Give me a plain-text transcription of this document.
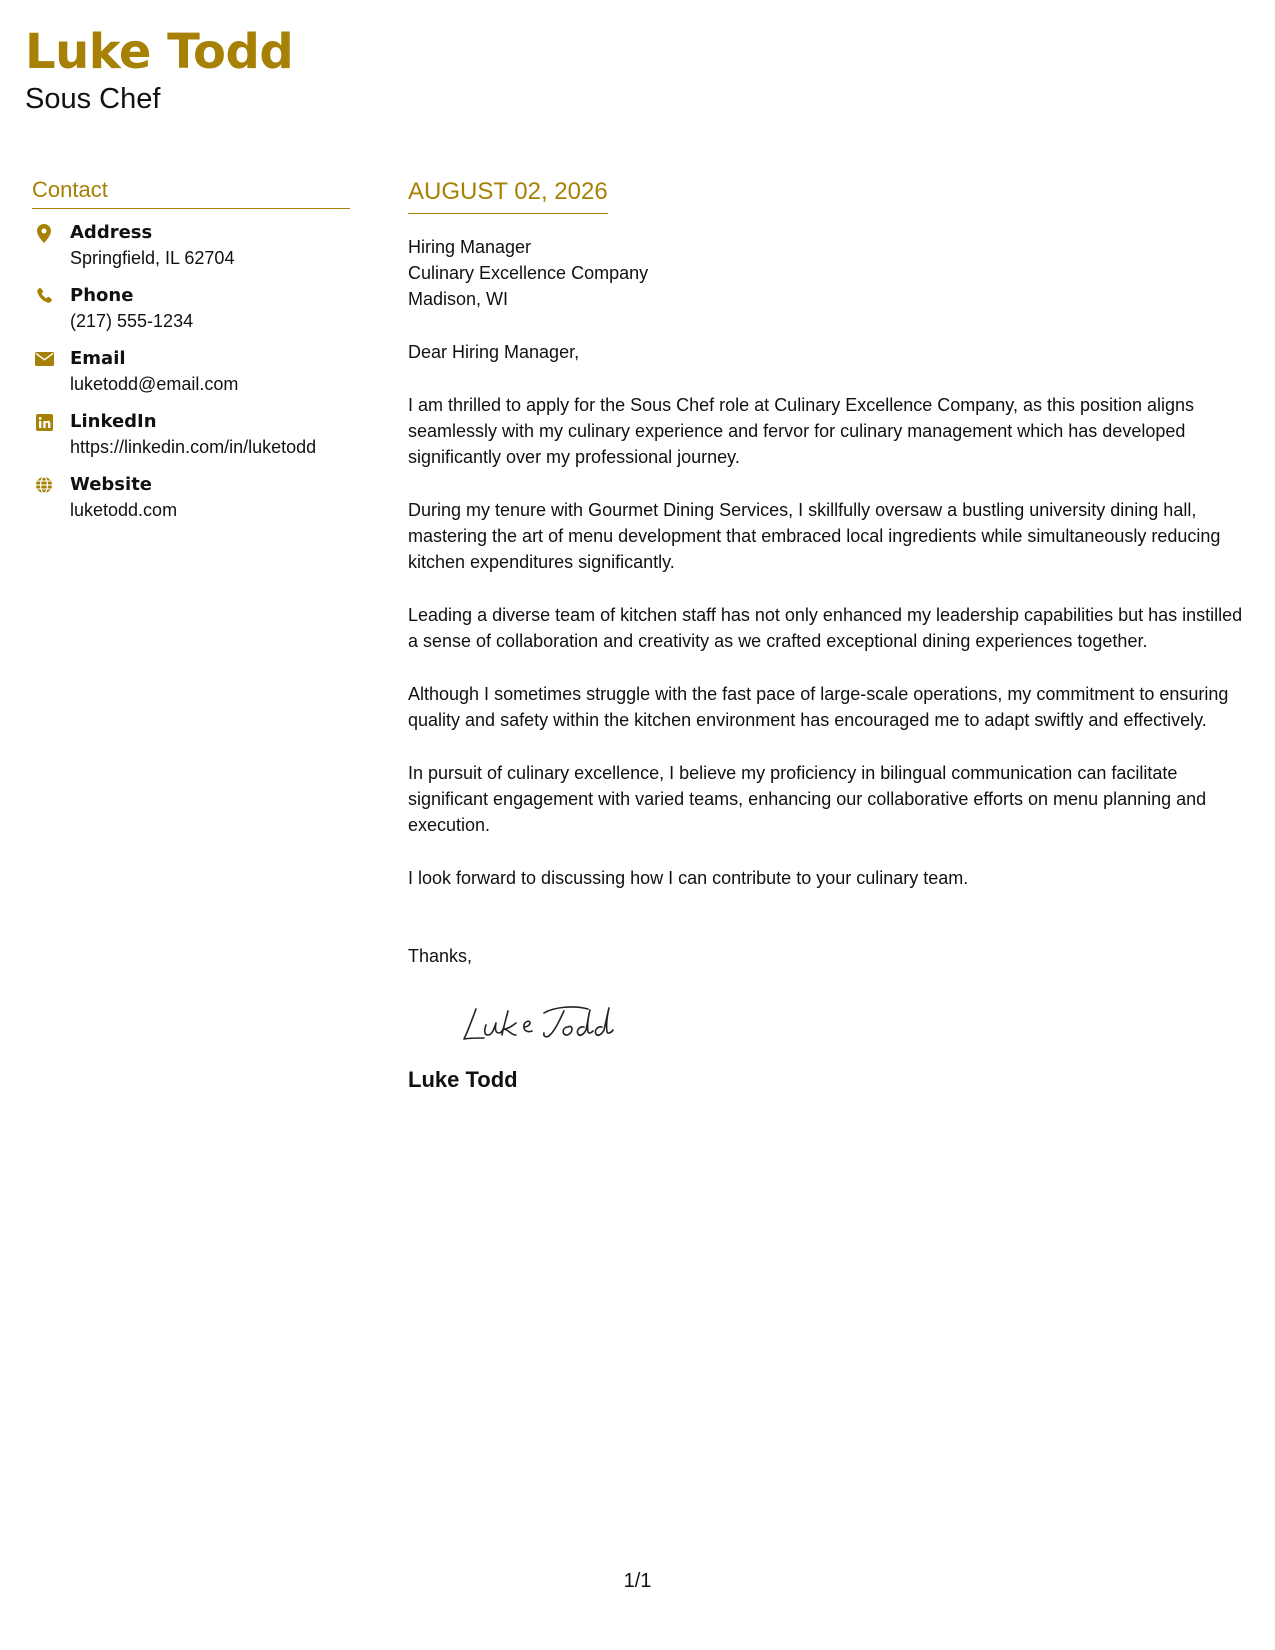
Luke Todd
Sous Chef
Contact
Address
Springfield, IL 62704
Phone
(217) 555-1234
Email
luketodd@email.com
LinkedIn
https://linkedin.com/in/luketodd
Website
luketodd.com
AUGUST 02, 2026
Hiring Manager
Culinary Excellence Company
Madison, WI
Dear Hiring Manager,

I am thrilled to apply for the Sous Chef role at Culinary Excellence Company, as this position aligns seamlessly with my culinary experience and fervor for culinary management which has developed significantly over my professional journey.

During my tenure with Gourmet Dining Services, I skillfully oversaw a bustling university dining hall, mastering the art of menu development that embraced local ingredients while simultaneously reducing kitchen expenditures significantly.

Leading a diverse team of kitchen staff has not only enhanced my leadership capabilities but has instilled a sense of collaboration and creativity as we crafted exceptional dining experiences together.

Although I sometimes struggle with the fast pace of large-scale operations, my commitment to ensuring quality and safety within the kitchen environment has encouraged me to adapt swiftly and effectively.

In pursuit of culinary excellence, I believe my proficiency in bilingual communication can facilitate significant engagement with varied teams, enhancing our collaborative efforts on menu planning and execution.

I look forward to discussing how I can contribute to your culinary team.

Thanks,
Luke Todd
1/1
